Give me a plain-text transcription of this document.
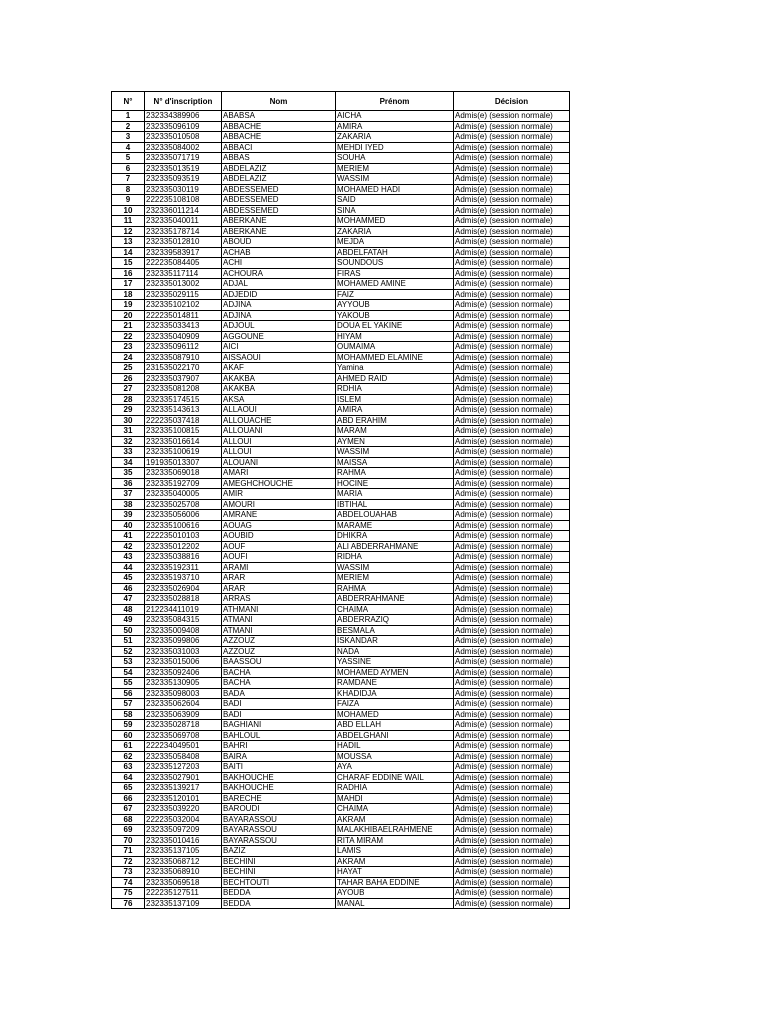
N°	N° d'inscription	Nom	Prénom	Décision
1	232334389906	ABABSA	AICHA	Admis(e) (session normale)
2	232335096109	ABBACHE	AMIRA	Admis(e) (session normale)
3	232335010508	ABBACHE	ZAKARIA	Admis(e) (session normale)
4	232335084002	ABBACI	MEHDI IYED	Admis(e) (session normale)
5	232335071719	ABBAS	SOUHA	Admis(e) (session normale)
6	232335013519	ABDELAZIZ	MERIEM	Admis(e) (session normale)
7	232335093519	ABDELAZIZ	WASSIM	Admis(e) (session normale)
8	232335030119	ABDESSEMED	MOHAMED HADI	Admis(e) (session normale)
9	222235108108	ABDESSEMED	SAID	Admis(e) (session normale)
10	232336011214	ABDESSEMED	SINA	Admis(e) (session normale)
11	232335040011	ABERKANE	MOHAMMED	Admis(e) (session normale)
12	232335178714	ABERKANE	ZAKARIA	Admis(e) (session normale)
13	232335012810	ABOUD	MEJDA	Admis(e) (session normale)
14	232339583917	ACHAB	ABDELFATAH	Admis(e) (session normale)
15	222235084405	ACHI	SOUNDOUS	Admis(e) (session normale)
16	232335117114	ACHOURA	FIRAS	Admis(e) (session normale)
17	232335013002	ADJAL	MOHAMED AMINE	Admis(e) (session normale)
18	232335029115	ADJEDID	FAIZ	Admis(e) (session normale)
19	232335102102	ADJINA	AYYOUB	Admis(e) (session normale)
20	222235014811	ADJINA	YAKOUB	Admis(e) (session normale)
21	232335033413	ADJOUL	DOUA EL YAKINE	Admis(e) (session normale)
22	232335040909	AGGOUNE	HIYAM	Admis(e) (session normale)
23	232335096112	AICI	OUMAIMA	Admis(e) (session normale)
24	232335087910	AISSAOUI	MOHAMMED ELAMINE	Admis(e) (session normale)
25	231535022170	AKAF	Yamina	Admis(e) (session normale)
26	232335037907	AKAKBA	AHMED RAID	Admis(e) (session normale)
27	232335081208	AKAKBA	RDHIA	Admis(e) (session normale)
28	232335174515	AKSA	ISLEM	Admis(e) (session normale)
29	232335143613	ALLAOUI	AMIRA	Admis(e) (session normale)
30	222235037418	ALLOUACHE	ABD ERAHIM	Admis(e) (session normale)
31	232335100815	ALLOUANI	MARAM	Admis(e) (session normale)
32	232335016614	ALLOUI	AYMEN	Admis(e) (session normale)
33	232335100619	ALLOUI	WASSIM	Admis(e) (session normale)
34	191935013307	ALOUANI	MAISSA	Admis(e) (session normale)
35	232335069018	AMARI	RAHMA	Admis(e) (session normale)
36	232335192709	AMEGHCHOUCHE	HOCINE	Admis(e) (session normale)
37	232335040005	AMIR	MARIA	Admis(e) (session normale)
38	232335025708	AMOURI	IBTIHAL	Admis(e) (session normale)
39	232335056006	AMRANE	ABDELOUAHAB	Admis(e) (session normale)
40	232335100616	AOUAG	MARAME	Admis(e) (session normale)
41	222235010103	AOUBID	DHIKRA	Admis(e) (session normale)
42	232335012202	AOUF	ALI ABDERRAHMANE	Admis(e) (session normale)
43	232335038816	AOUFI	RIDHA	Admis(e) (session normale)
44	232335192311	ARAMI	WASSIM	Admis(e) (session normale)
45	232335193710	ARAR	MERIEM	Admis(e) (session normale)
46	232335026904	ARAR	RAHMA	Admis(e) (session normale)
47	232335028818	ARRAS	ABDERRAHMANE	Admis(e) (session normale)
48	212234411019	ATHMANI	CHAIMA	Admis(e) (session normale)
49	232335084315	ATMANI	ABDERRAZIQ	Admis(e) (session normale)
50	232335009408	ATMANI	BESMALA	Admis(e) (session normale)
51	232335099806	AZZOUZ	ISKANDAR	Admis(e) (session normale)
52	232335031003	AZZOUZ	NADA	Admis(e) (session normale)
53	232335015006	BAASSOU	YASSINE	Admis(e) (session normale)
54	232335092406	BACHA	MOHAMED AYMEN	Admis(e) (session normale)
55	232335130905	BACHA	RAMDANE	Admis(e) (session normale)
56	232335098003	BADA	KHADIDJA	Admis(e) (session normale)
57	232335062604	BADI	FAIZA	Admis(e) (session normale)
58	232335063909	BADI	MOHAMED	Admis(e) (session normale)
59	232335028718	BAGHIANI	ABD ELLAH	Admis(e) (session normale)
60	232335069708	BAHLOUL	ABDELGHANI	Admis(e) (session normale)
61	222234049501	BAHRI	HADIL	Admis(e) (session normale)
62	232335058408	BAIRA	MOUSSA	Admis(e) (session normale)
63	232335127203	BAITI	AYA	Admis(e) (session normale)
64	232335027901	BAKHOUCHE	CHARAF EDDINE WAIL	Admis(e) (session normale)
65	232335139217	BAKHOUCHE	RADHIA	Admis(e) (session normale)
66	232335120101	BARECHE	MAHDI	Admis(e) (session normale)
67	232335039220	BAROUDI	CHAIMA	Admis(e) (session normale)
68	222235032004	BAYARASSOU	AKRAM	Admis(e) (session normale)
69	232335097209	BAYARASSOU	MALAKHIBAELRAHMENE	Admis(e) (session normale)
70	232335010416	BAYARASSOU	RITA MIRAM	Admis(e) (session normale)
71	232335137105	BAZIZ	LAMIS	Admis(e) (session normale)
72	232335068712	BECHINI	AKRAM	Admis(e) (session normale)
73	232335068910	BECHINI	HAYAT	Admis(e) (session normale)
74	232335069518	BECHTOUTI	TAHAR BAHA EDDINE	Admis(e) (session normale)
75	222235127511	BEDDA	AYOUB	Admis(e) (session normale)
76	232335137109	BEDDA	MANAL	Admis(e) (session normale)
